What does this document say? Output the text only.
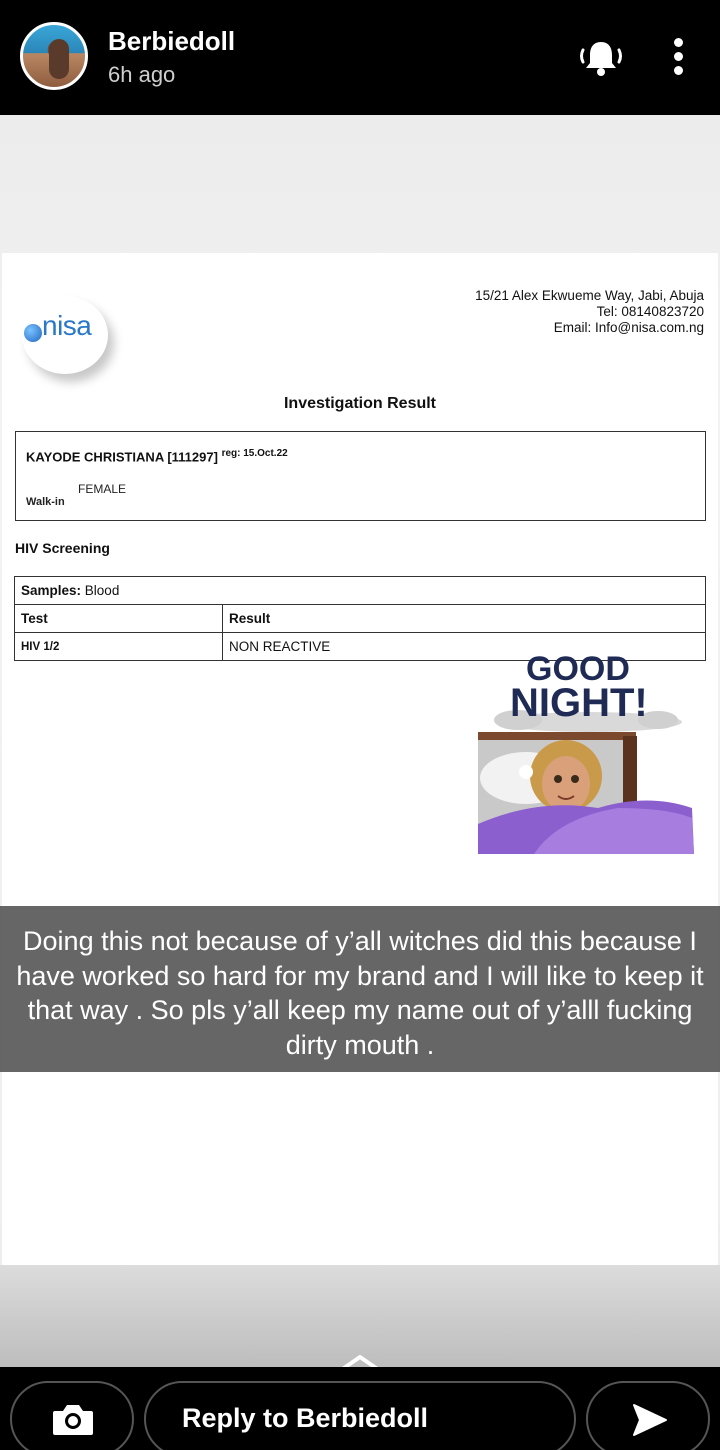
Berbiedoll
6h ago
nisa
15/21 Alex Ekwueme Way, Jabi, Abuja
Tel: 08140823720
Email: Info@nisa.com.ng
Investigation Result
KAYODE CHRISTIANA [111297] $^{reg: 15.Oct.22}$
FEMALE
Walk-in
HIV Screening
Samples: Blood	
Test	Result
HIV 1/2	NON REACTIVE
GOOD
NIGHT!
Doing this not because of y’all witches did this because I have worked so hard for my brand and I will like to keep it that way . So pls y’all keep my name out of y’alll fucking dirty mouth .
Reply to Berbiedoll
